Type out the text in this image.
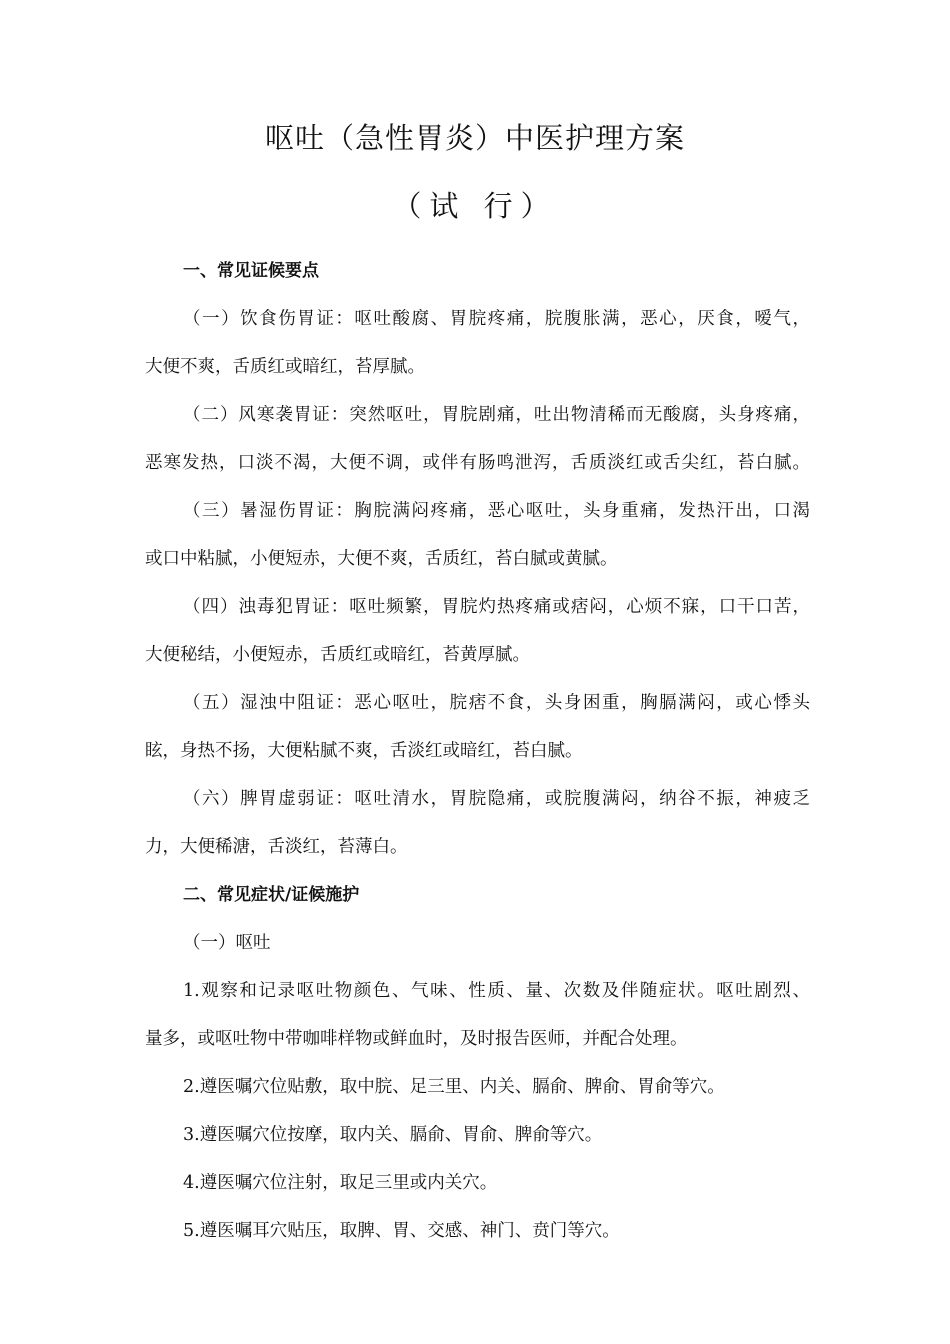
呕吐（急性胃炎）中医护理方案
（试 行）
一、常见证候要点
（一）饮食伤胃证：呕吐酸腐、胃脘疼痛，脘腹胀满，恶心，厌食，嗳气，
大便不爽，舌质红或暗红，苔厚腻。
（二）风寒袭胃证：突然呕吐，胃脘剧痛，吐出物清稀而无酸腐，头身疼痛，
恶寒发热，口淡不渴，大便不调，或伴有肠鸣泄泻，舌质淡红或舌尖红，苔白腻。
（三）暑湿伤胃证：胸脘满闷疼痛，恶心呕吐，头身重痛，发热汗出，口渴
或口中粘腻，小便短赤，大便不爽，舌质红，苔白腻或黄腻。
（四）浊毒犯胃证：呕吐频繁，胃脘灼热疼痛或痞闷，心烦不寐，口干口苦，
大便秘结，小便短赤，舌质红或暗红，苔黄厚腻。
（五）湿浊中阻证：恶心呕吐，脘痞不食，头身困重，胸膈满闷，或心悸头
眩，身热不扬，大便粘腻不爽，舌淡红或暗红，苔白腻。
（六）脾胃虚弱证：呕吐清水，胃脘隐痛，或脘腹满闷，纳谷不振，神疲乏
力，大便稀溏，舌淡红，苔薄白。
二、常见症状/证候施护
（一）呕吐
1.观察和记录呕吐物颜色、气味、性质、量、次数及伴随症状。呕吐剧烈、
量多，或呕吐物中带咖啡样物或鲜血时，及时报告医师，并配合处理。
2.遵医嘱穴位贴敷，取中脘、足三里、内关、膈俞、脾俞、胃俞等穴。
3.遵医嘱穴位按摩，取内关、膈俞、胃俞、脾俞等穴。
4.遵医嘱穴位注射，取足三里或内关穴。
5.遵医嘱耳穴贴压，取脾、胃、交感、神门、贲门等穴。
